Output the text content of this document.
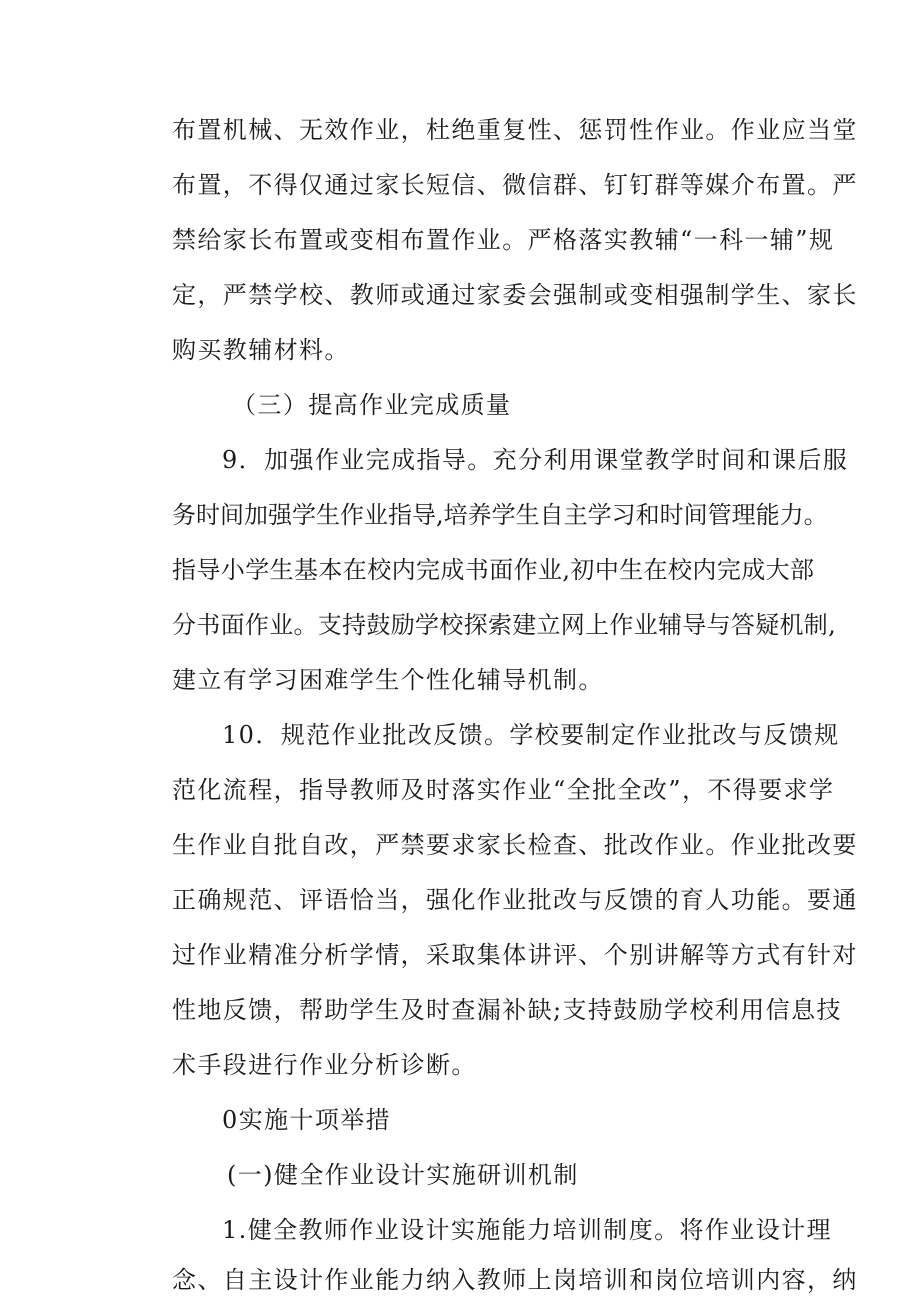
布置机械、无效作业，杜绝重复性、惩罚性作业。作业应当堂
布置，不得仅通过家长短信、微信群、钉钉群等媒介布置。严
禁给家长布置或变相布置作业。严格落实教辅“一科一辅”规
定，严禁学校、教师或通过家委会强制或变相强制学生、家长
购买教辅材料。
（三）提高作业完成质量
9．加强作业完成指导。充分利用课堂教学时间和课后服
务时间加强学生作业指导,培养学生自主学习和时间管理能力。
指导小学生基本在校内完成书面作业,初中生在校内完成大部
分书面作业。支持鼓励学校探索建立网上作业辅导与答疑机制,
建立有学习困难学生个性化辅导机制。
10．规范作业批改反馈。学校要制定作业批改与反馈规
范化流程，指导教师及时落实作业“全批全改”，不得要求学
生作业自批自改，严禁要求家长检查、批改作业。作业批改要
正确规范、评语恰当，强化作业批改与反馈的育人功能。要通
过作业精准分析学情，采取集体讲评、个别讲解等方式有针对
性地反馈，帮助学生及时查漏补缺;支持鼓励学校利用信息技
术手段进行作业分析诊断。
0实施十项举措
(一)健全作业设计实施研训机制
1.健全教师作业设计实施能力培训制度。将作业设计理
念、自主设计作业能力纳入教师上岗培训和岗位培训内容，纳
